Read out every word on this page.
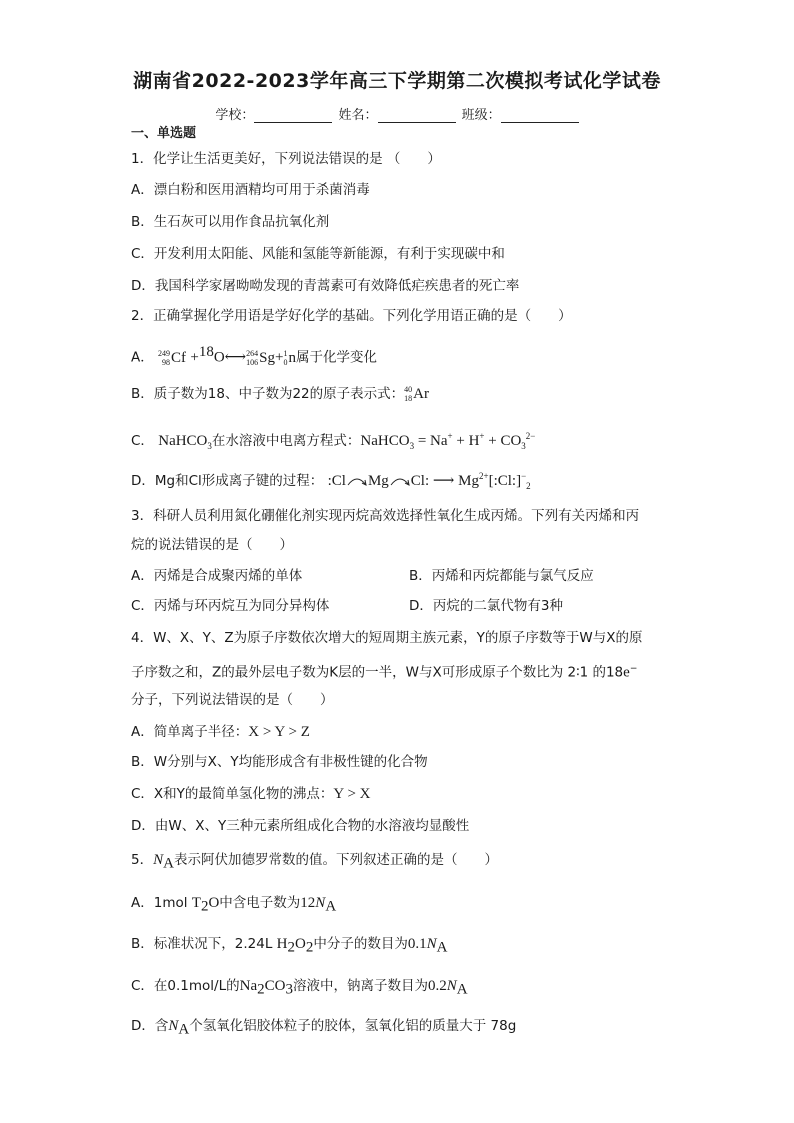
湖南省2022-2023学年高三下学期第二次模拟考试化学试卷
学校：	姓名：	班级：
一、单选题
1．化学让生活更美好，下列说法错误的是 （　　）
A．漂白粉和医用酒精均可用于杀菌消毒
B．生石灰可以用作食品抗氧化剂
C．开发利用太阳能、风能和氢能等新能源，有利于实现碳中和
D．我国科学家屠呦呦发现的青蒿素可有效降低疟疾患者的死亡率
2．正确掌握化学用语是学好化学的基础。下列化学用语正确的是（　　）
A． 249
98 Cf +$^{18}$O⟷ 264
106 Sg + 1
0 n 属于化学变化
B．质子数为18、中子数为22的原子表示式： 40
18 Ar
C． NaHCO$_3$在水溶液中电离方程式：NaHCO$_3$ = $Na^+ + H^+ + CO_3^{2-}$
D．Mg和Cl形成离子键的过程： :Cl Mg Cl: ⟶ $Mg^{2+}[:Cl:]^-_2$
3．科研人员利用氮化硼催化剂实现丙烷高效选择性氧化生成丙烯。下列有关丙烯和丙
烷的说法错误的是（　　）
A．丙烯是合成聚丙烯的单体	B．丙烯和丙烷都能与氯气反应
C．丙烯与环丙烷互为同分异构体	D．丙烷的二氯代物有3种
4．W、X、Y、Z为原子序数依次增大的短周期主族元素，Y的原子序数等于W与X的原
子序数之和，Z的最外层电子数为K层的一半，W与X可形成原子个数比为 2∶1 的18e−
分子，下列说法错误的是（　　）
A．简单离子半径：X > Y > Z
B．W分别与X、Y均能形成含有非极性键的化合物
C．X和Y的最简单氢化物的沸点：Y > X
D．由W、X、Y三种元素所组成化合物的水溶液均显酸性
5．$N_A$表示阿伏加德罗常数的值。下列叙述正确的是（　　）
A．1mol $T_2O$中含电子数为$12N_A$
B．标准状况下，2.24L $H_2O_2$中分子的数目为$0.1N_A$
C．在0.1mol/L的$Na_2CO_3$溶液中，钠离子数目为$0.2N_A$
D．含$N_A$个氢氧化铝胶体粒子的胶体，氢氧化铝的质量大于 78g
